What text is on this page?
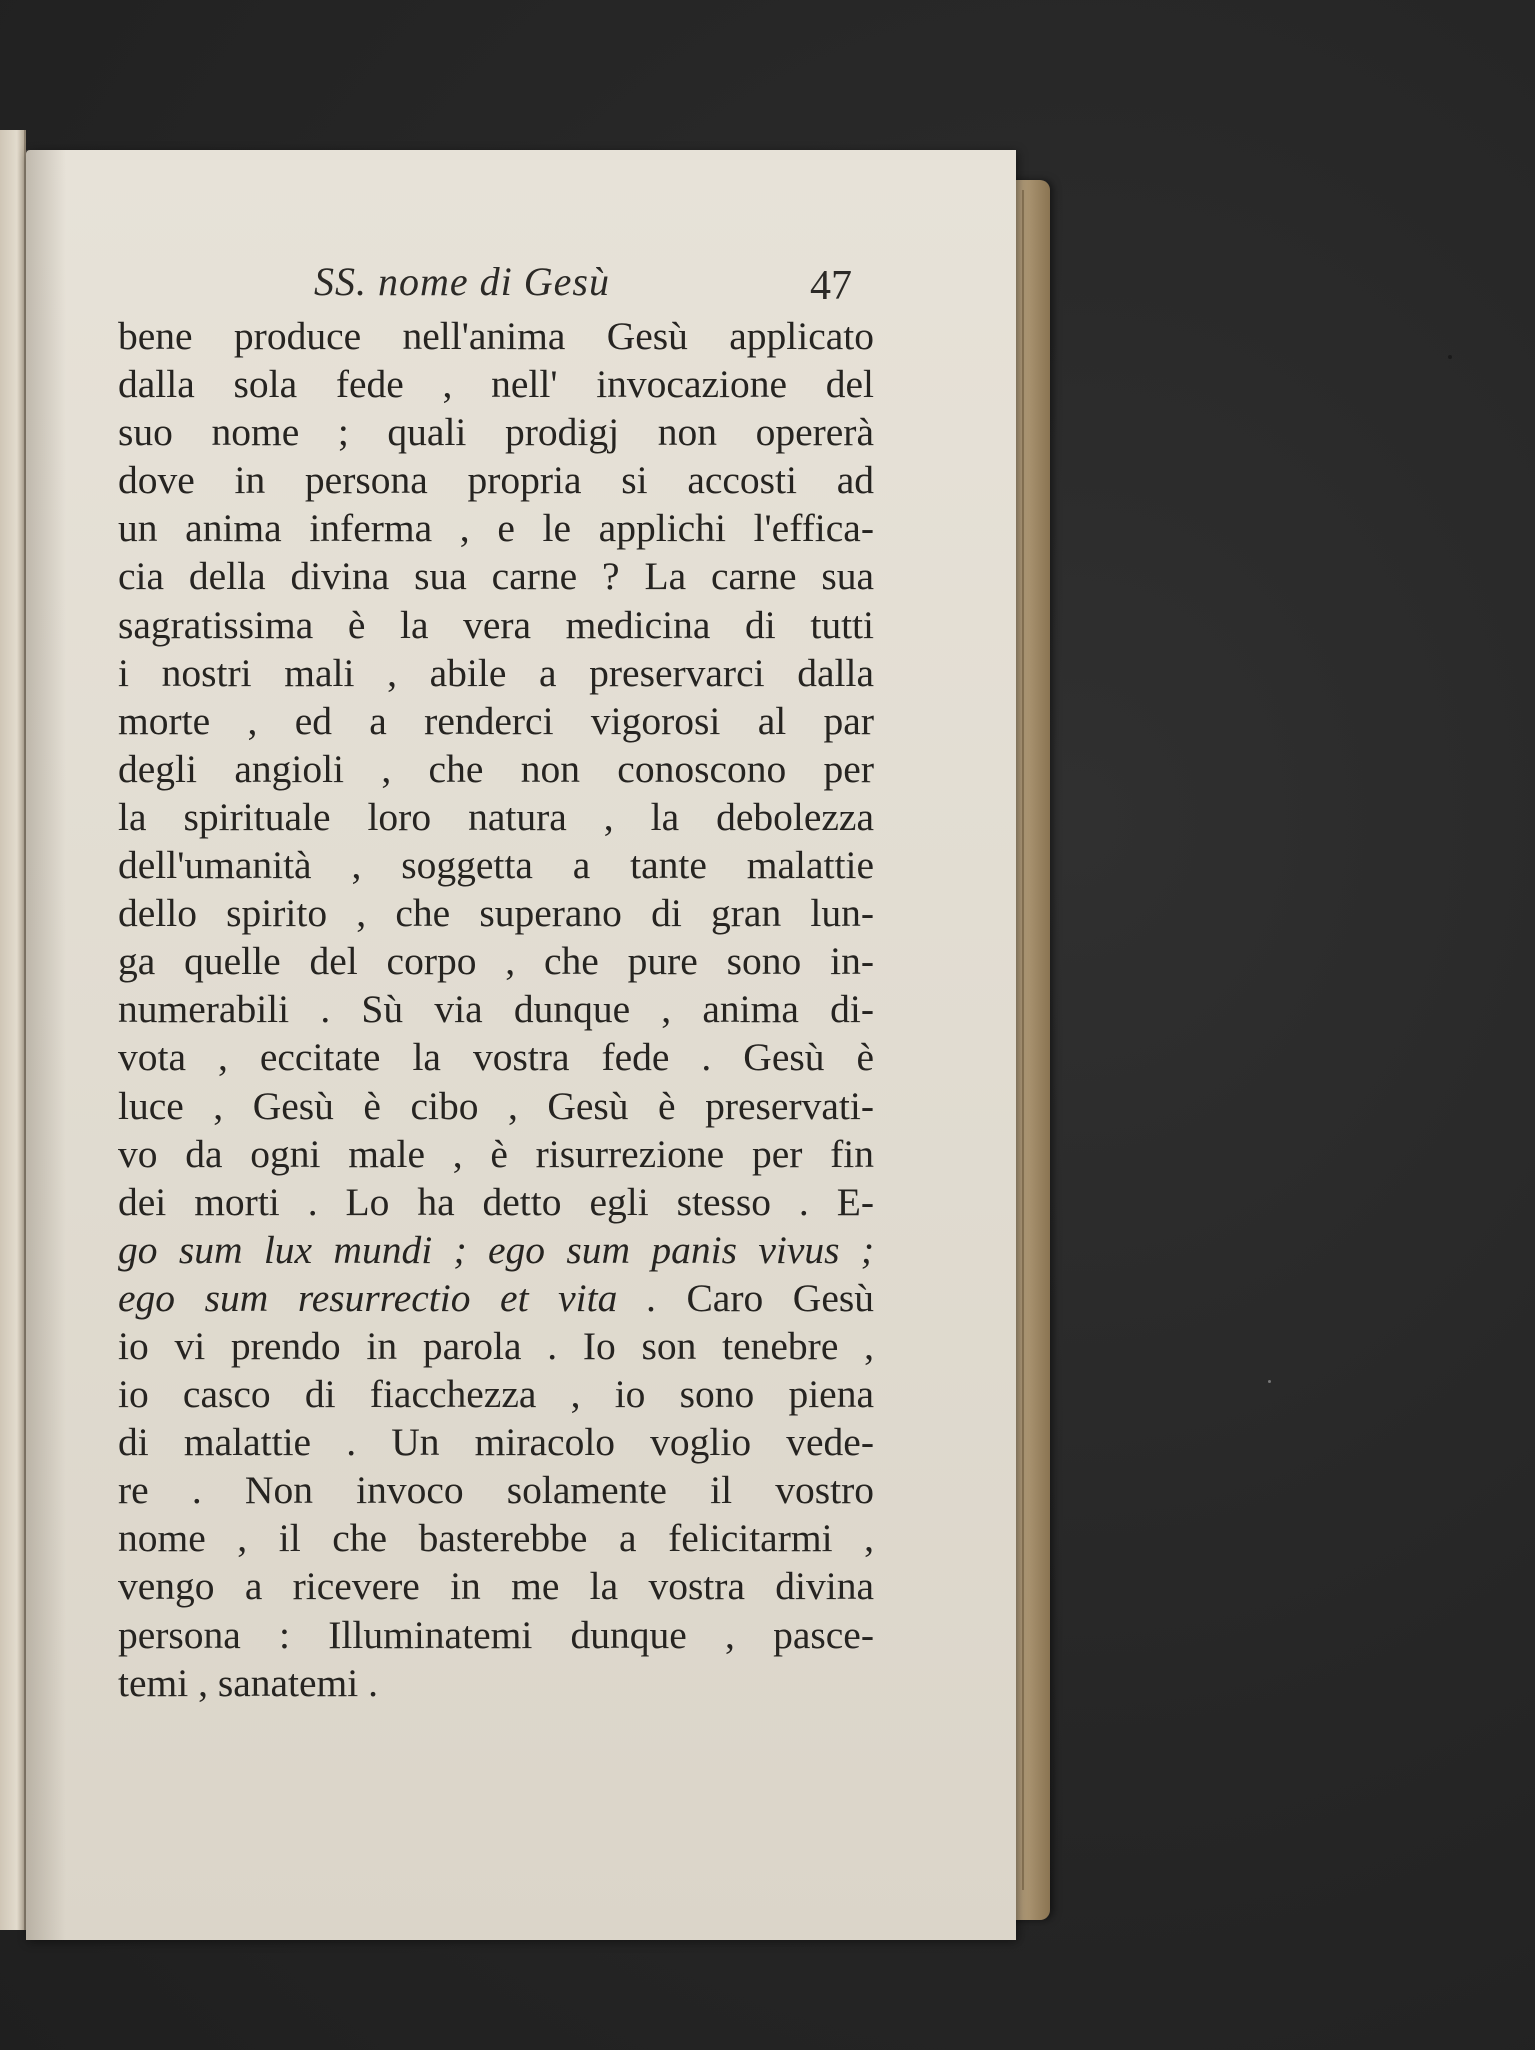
SS. nome di Gesù	47
bene produce nell'anima Gesù applicato
dalla sola fede , nell' invocazione del
suo nome ; quali prodigj non opererà
dove in persona propria si accosti ad
un anima inferma , e le applichi l'effica-
cia della divina sua carne ? La carne sua
sagratissima è la vera medicina di tutti
i nostri mali , abile a preservarci dalla
morte , ed a renderci vigorosi al par
degli angioli , che non conoscono per
la spirituale loro natura , la debolezza
dell'umanità , soggetta a tante malattie
dello spirito , che superano di gran lun-
ga quelle del corpo , che pure sono in-
numerabili . Sù via dunque , anima di-
vota , eccitate la vostra fede . Gesù è
luce , Gesù è cibo , Gesù è preservati-
vo da ogni male , è risurrezione per fin
dei morti . Lo ha detto egli stesso . E-
go sum lux mundi ; ego sum panis vivus ;
ego sum resurrectio et vita . Caro Gesù
io vi prendo in parola . Io son tenebre ,
io casco di fiacchezza , io sono piena
di malattie . Un miracolo voglio vede-
re . Non invoco solamente il vostro
nome , il che basterebbe a felicitarmi ,
vengo a ricevere in me la vostra divina
persona : Illuminatemi dunque , pasce-
temi , sanatemi .
